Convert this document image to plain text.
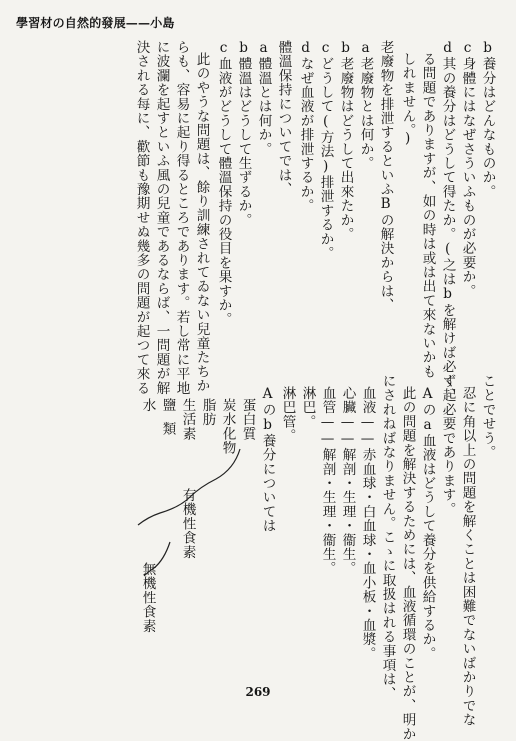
學習材の自然的發展——小島
b養分はどんなものか。
c身體にはなぜさういふものが必要か。
d其の養分はどうして得たか。(之はbを解けば必ず起
る問題でありますが、如の時は或は出て來ないかも
しれません。)
老廢物を排泄するといふBの解決からは、
a老廢物とは何か。
b老廢物はどうして出來たか。
cどうして(方法)排泄するか。
dなぜ血液が排泄するか。
體溫保持についてでは、
a體溫とは何か。
b體溫はどうして生ずるか。
c血液がどうして體溫保持の役目を果すか。
此のやうな問題は、餘り訓練されてゐない兒童たちか
らも、容易に起り得るところであります。若し常に平地
に波瀾を起すといふ風の兒童であるならば、一問題が解
決される每に、歡節も豫期せぬ幾多の問題が起つて來る
ことでせう。
忍に角以上の問題を解くことは困難でないばかりでな
く、必要であります。
Aのa血液はどうして養分を供給するか。
此の問題を解決するためには、血液循環のことが、明か
にされねばなりません。こゝに取扱はれる事項は、
血液——赤血球・白血球・血小板・血漿。
心臟——解剖・生理・衞生。
血管——解剖・生理・衞生。
淋巴。
淋巴管。
Aのb養分については
蛋白質
炭水化物
脂肪
生活素
鹽類
水
有機性食素
無機性食素
269
